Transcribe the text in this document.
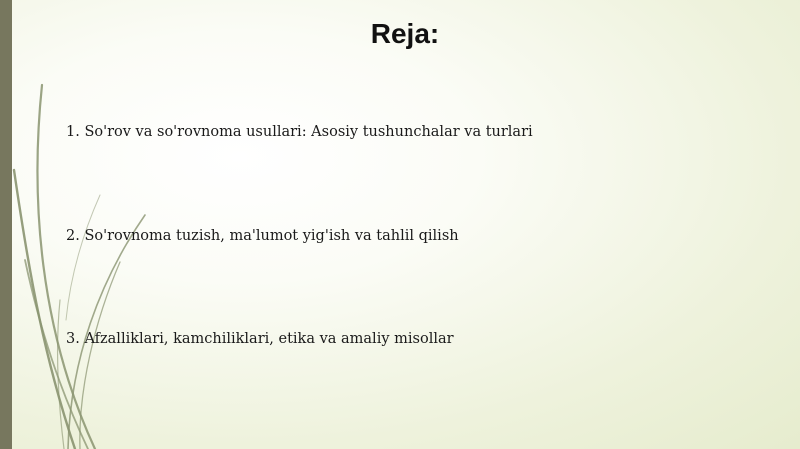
Reja:
1. So'rov va so'rovnoma usullari: Asosiy tushunchalar va turlari
2. So'rovnoma tuzish, ma'lumot yig'ish va tahlil qilish
3. Afzalliklari, kamchiliklari, etika va amaliy misollar
